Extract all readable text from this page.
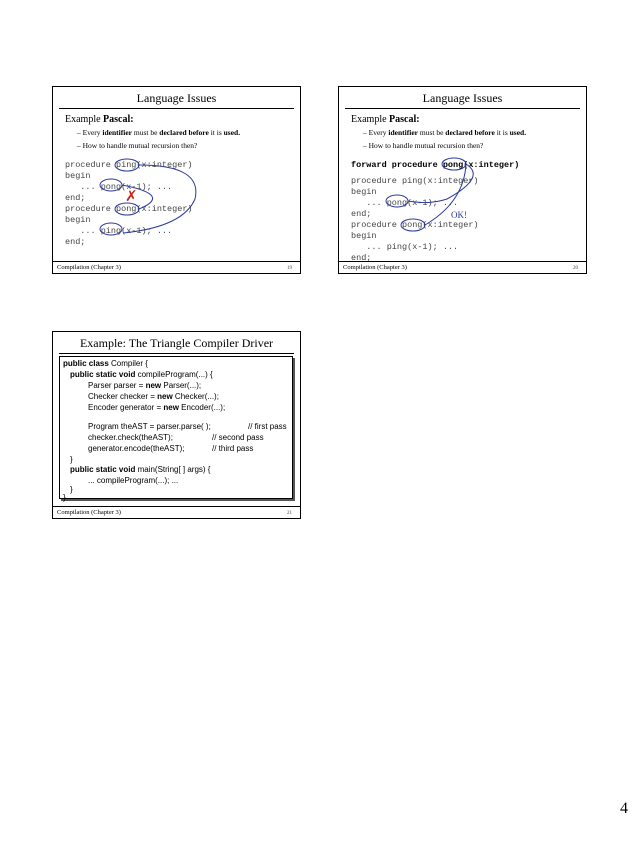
Language Issues
Example Pascal:
– Every identifier must be declared before it is used.
– How to handle mutual recursion then?
procedure ping(x:integer)
begin
... pong(x-1); ...
end;
procedure pong(x:integer)
begin
... ping(x-1); ...
end;
✗
Compilation (Chapter 3)	19
Language Issues
Example Pascal:
– Every identifier must be declared before it is used.
– How to handle mutual recursion then?
forward procedure pong(x:integer)
procedure ping(x:integer)
begin
... pong(x-1); ...
end;
procedure pong(x:integer)
begin
... ping(x-1); ...
end;
OK!
Compilation (Chapter 3)	20
Example: The Triangle Compiler Driver
public class Compiler {
public static void compileProgram(...) {
Parser parser = new Parser(...);
Checker checker = new Checker(...);
Encoder generator = new Encoder(...);
Program theAST = parser.parse( );	// first pass
checker.check(theAST);	// second pass
generator.encode(theAST);	// third pass
}
public static void main(String[ ] args) {
... compileProgram(...); ...
}
}
Compilation (Chapter 3)	21
4
